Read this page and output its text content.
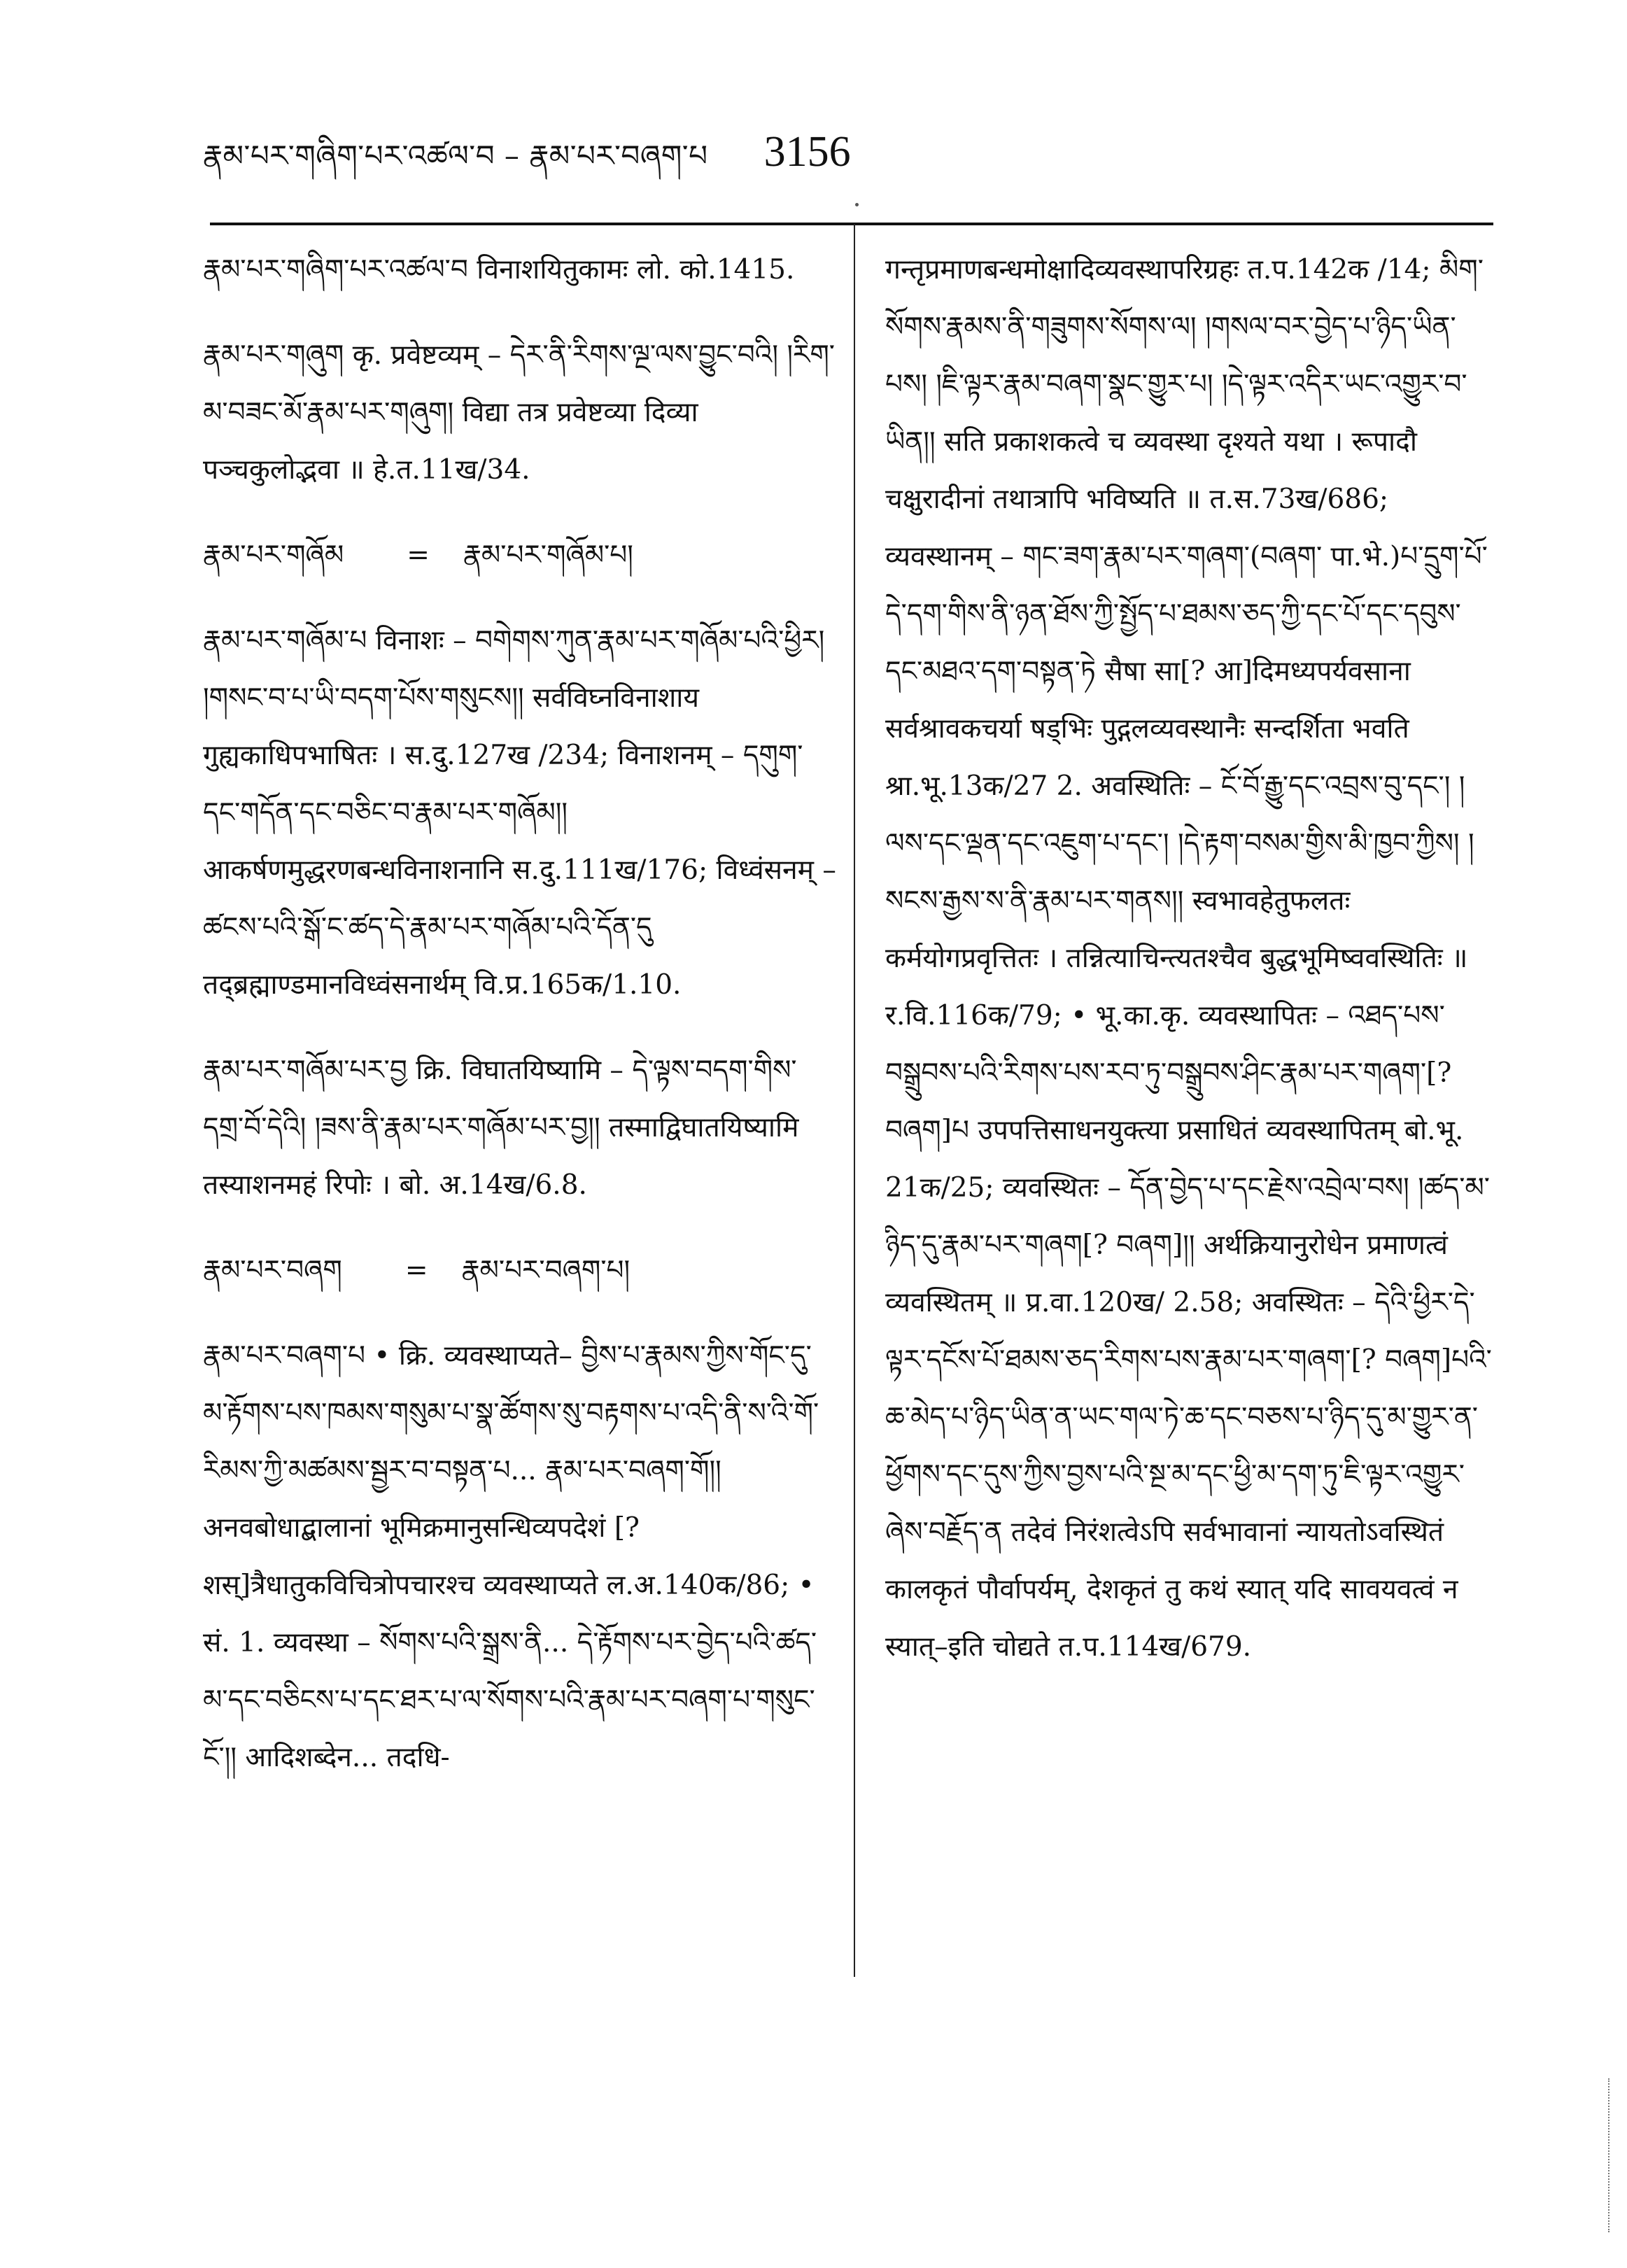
རྣམ་པར་གཞིག་པར་འཚལ་བ – རྣམ་པར་བཞག་པ 3156

རྣམ་པར་གཞིག་པར་འཚལ་བ विनाशयितुकामः लो. को.1415.

རྣམ་པར་གཞུག कृ. प्रवेष्टव्यम् – དེར་ནི་རིགས་ལྔ་ལས་བྱུང་བའི། །རིག་མ་བཟང་མོ་རྣམ་པར་གཞུག། विद्या तत्र प्रवेष्टव्या दिव्या पञ्चकुलोद्भवा ॥ हे.त.11ख/34.

རྣམ་པར་གཞོམ = རྣམ་པར་གཞོམ་པ།

རྣམ་པར་གཞོམ་པ विनाशः – བགེགས་ཀུན་རྣམ་པར་གཞོམ་པའི་ཕྱིར། །གསང་བ་པ་ཡི་བདག་པོས་གསུངས།། सर्वविघ्नविनाशाय गुह्यकाधिपभाषितः । स.दु.127ख /234; विनाशनम् – དགུག་དང་གདོན་དང་བཅིང་བ་རྣམ་པར་གཞོམ།། आकर्षणमुद्धरणबन्धविनाशनानि स.दु.111ख/176; विध्वंसनम् – ཚངས་པའི་སྒོ་ང་ཚད་དེ་རྣམ་པར་གཞོམ་པའི་དོན་དུ तद्ब्रह्माण्डमानविध्वंसनार्थम् वि.प्र.165क/1.10.

རྣམ་པར་གཞོམ་པར་བྱ क्रि. विघातयिष्यामि – དེ་ལྟས་བདག་གིས་དགྲ་བོ་དེའི། །ཟས་ནི་རྣམ་པར་གཞོམ་པར་བྱ།། तस्माद्विघातयिष्यामि तस्याशनमहं रिपोः । बो. अ.14ख/6.8.

རྣམ་པར་བཞག = རྣམ་པར་བཞག་པ།

རྣམ་པར་བཞག་པ • क्रि. व्यवस्थाप्यते– བྱིས་པ་རྣམས་ཀྱིས་གོང་དུ་མ་རྟོགས་པས་ཁམས་གསུམ་པ་སྣ་ཚོགས་སུ་བརྟགས་པ་འདི་ནི་ས་འི་གོ་རིམས་ཀྱི་མཚམས་སྦྱར་བ་བསྟན་པ... རྣམ་པར་བཞག་གོ།། अनवबोधाद्बालानां भूमिक्रमानुसन्धिव्यपदेशं [? शस्]त्रैधातुकविचित्रोपचारश्च व्यवस्थाप्यते ल.अ.140क/86; • सं. 1. व्यवस्था – སོགས་པའི་སྒྲས་ནི... དེ་རྟོགས་པར་བྱེད་པའི་ཚད་མ་དང་བཅིངས་པ་དང་ཐར་པ་ལ་སོགས་པའི་རྣམ་པར་བཞག་པ་གསུང་ངོ་།། आदिशब्देन... तदधि-

गन्तृप्रमाणबन्धमोक्षादिव्यवस्थापरिग्रहः त.प.142क /14; མིག་སོགས་རྣམས་ནི་གཟུགས་སོགས་ལ། །གསལ་བར་བྱེད་པ་ཉིད་ཡིན་པས། །ཇི་ལྟར་རྣམ་བཞག་སྣང་གྱུར་པ། །དེ་ལྟར་འདིར་ཡང་འགྱུར་བ་ཡིན།། सति प्रकाशकत्वे च व्यवस्था दृश्यते यथा । रूपादौ चक्षुरादीनां तथात्रापि भविष्यति ॥ त.स.73ख/686; व्यवस्थानम् – གང་ཟག་རྣམ་པར་གཞག་(བཞག་ पा.भे.)པ་དྲུག་པོ་དེ་དག་གིས་ནི་ཉན་ཐོས་ཀྱི་སྤྱོད་པ་ཐམས་ཅད་ཀྱི་དང་པོ་དང་དབུས་དང་མཐའ་དག་བསྟན་ཏེ सैषा सा[? आ]दिमध्यपर्यवसाना सर्वश्रावकचर्या षड्भिः पुद्गलव्यवस्थानैः सन्दर्शिता भवति श्रा.भू.13क/27 2. अवस्थितिः – ངོ་བོ་རྒྱུ་དང་འབྲས་བུ་དང་། །ལས་དང་ལྡན་དང་འཇུག་པ་དང་། །དེ་རྟག་བསམ་གྱིས་མི་ཁྱབ་ཀྱིས། །སངས་རྒྱས་ས་ནི་རྣམ་པར་གནས།། स्वभावहेतुफलतः कर्मयोगप्रवृत्तितः । तन्नित्याचिन्त्यतश्चैव बुद्धभूमिष्ववस्थितिः ॥ र.वि.116क/79; • भू.का.कृ. व्यवस्थापितः – འཐད་པས་བསྒྲུབས་པའི་རིགས་པས་རབ་ཏུ་བསྒྲུབས་ཤིང་རྣམ་པར་གཞག་[? བཞག]པ उपपत्तिसाधनयुक्त्या प्रसाधितं व्यवस्थापितम् बो.भू. 21क/25; व्यवस्थितः – དོན་བྱེད་པ་དང་རྗེས་འབྲེལ་བས། །ཚད་མ་ཉིད་དུ་རྣམ་པར་གཞག[? བཞག]།། अर्थक्रियानुरोधेन प्रमाणत्वं व्यवस्थितम् ॥ प्र.वा.120ख/ 2.58; अवस्थितः – དེའི་ཕྱིར་དེ་ལྟར་དངོས་པོ་ཐམས་ཅད་རིགས་པས་རྣམ་པར་གཞག་[? བཞག]པའི་ཆ་མེད་པ་ཉིད་ཡིན་ན་ཡང་གལ་ཏེ་ཆ་དང་བཅས་པ་ཉིད་དུ་མ་གྱུར་ན་ཕྱོགས་དང་དུས་ཀྱིས་བྱས་པའི་སྔ་མ་དང་ཕྱི་མ་དག་ཏུ་ཇི་ལྟར་འགྱུར་ཞེས་བརྗོད་ན तदेवं निरंशत्वेऽपि सर्वभावानां न्यायतोऽवस्थितं कालकृतं पौर्वापर्यम्, देशकृतं तु कथं स्यात् यदि सावयवत्वं न स्यात्–इति चोद्यते त.प.114ख/679.
